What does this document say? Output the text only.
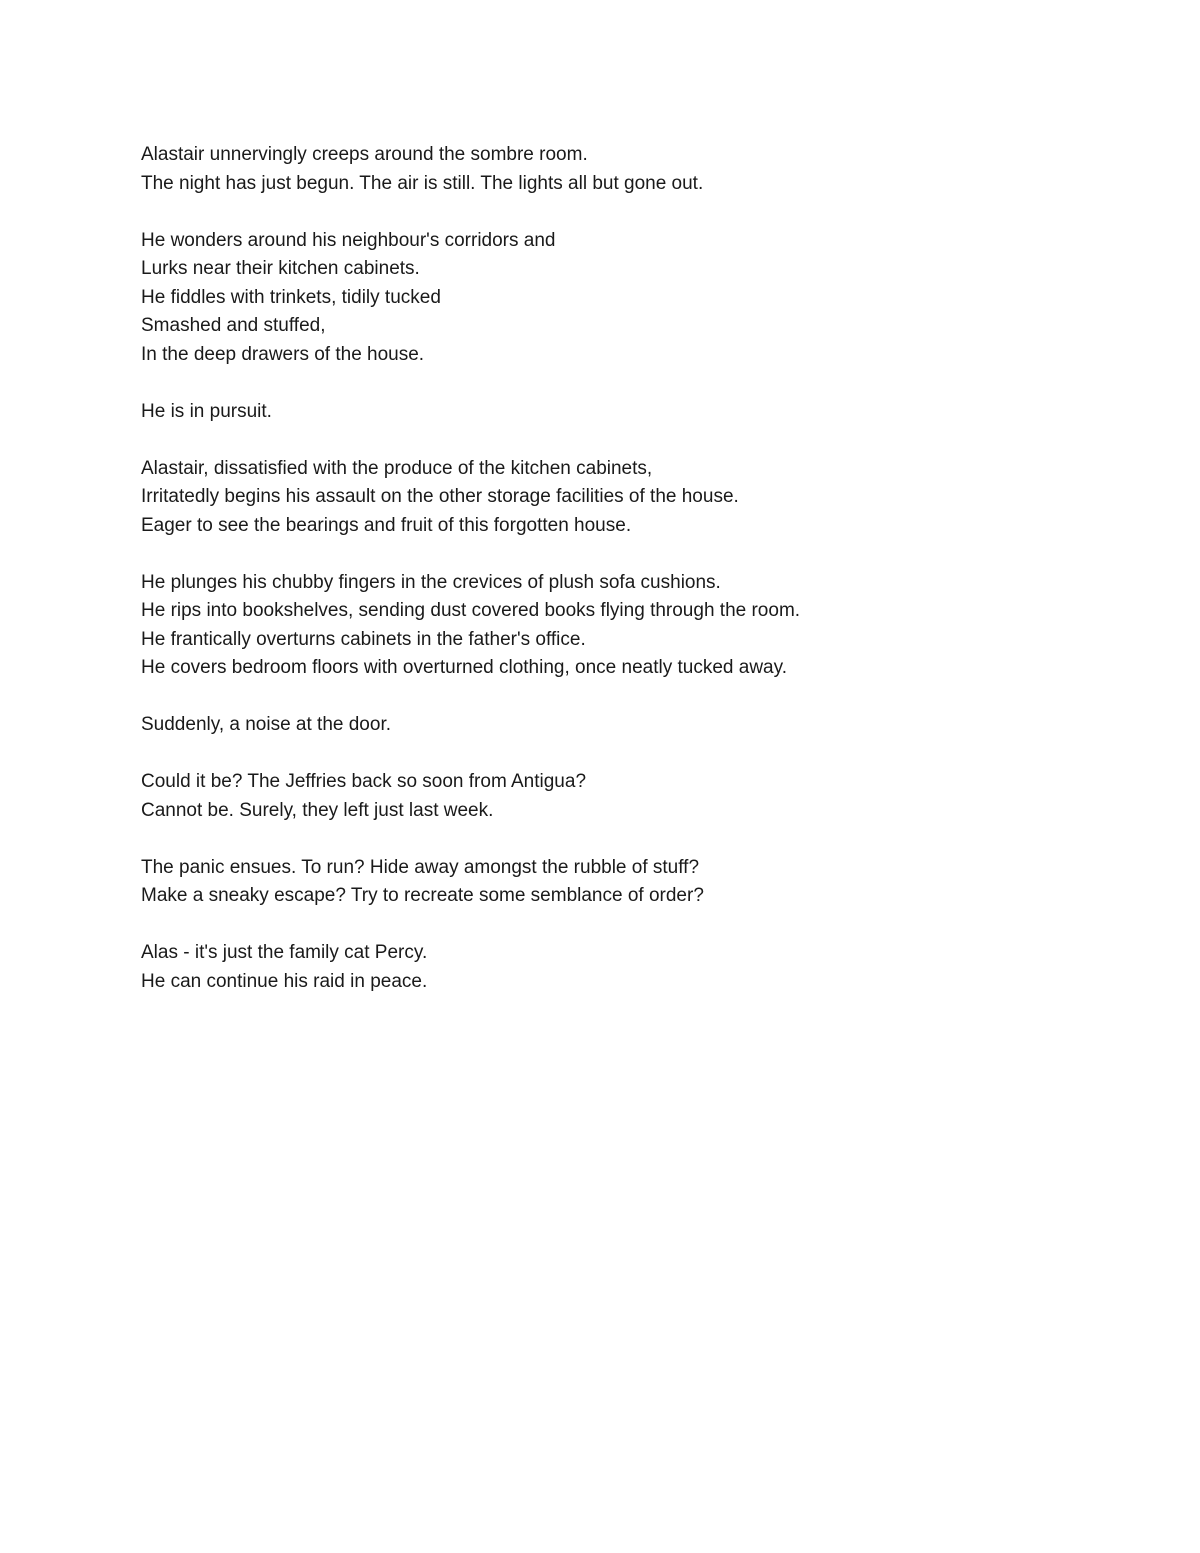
Alastair unnervingly creeps around the sombre room.
The night has just begun. The air is still. The lights all but gone out.
He wonders around his neighbour's corridors and
Lurks near their kitchen cabinets.
He fiddles with trinkets, tidily tucked
Smashed and stuffed,
In the deep drawers of the house.
He is in pursuit.
Alastair, dissatisfied with the produce of the kitchen cabinets,
Irritatedly begins his assault on the other storage facilities of the house.
Eager to see the bearings and fruit of this forgotten house.
He plunges his chubby fingers in the crevices of plush sofa cushions.
He rips into bookshelves, sending dust covered books flying through the room.
He frantically overturns cabinets in the father's office.
He covers bedroom floors with overturned clothing, once neatly tucked away.
Suddenly, a noise at the door.
Could it be? The Jeffries back so soon from Antigua?
Cannot be. Surely, they left just last week.
The panic ensues. To run? Hide away amongst the rubble of stuff?
Make a sneaky escape? Try to recreate some semblance of order?
Alas - it's just the family cat Percy.
He can continue his raid in peace.
